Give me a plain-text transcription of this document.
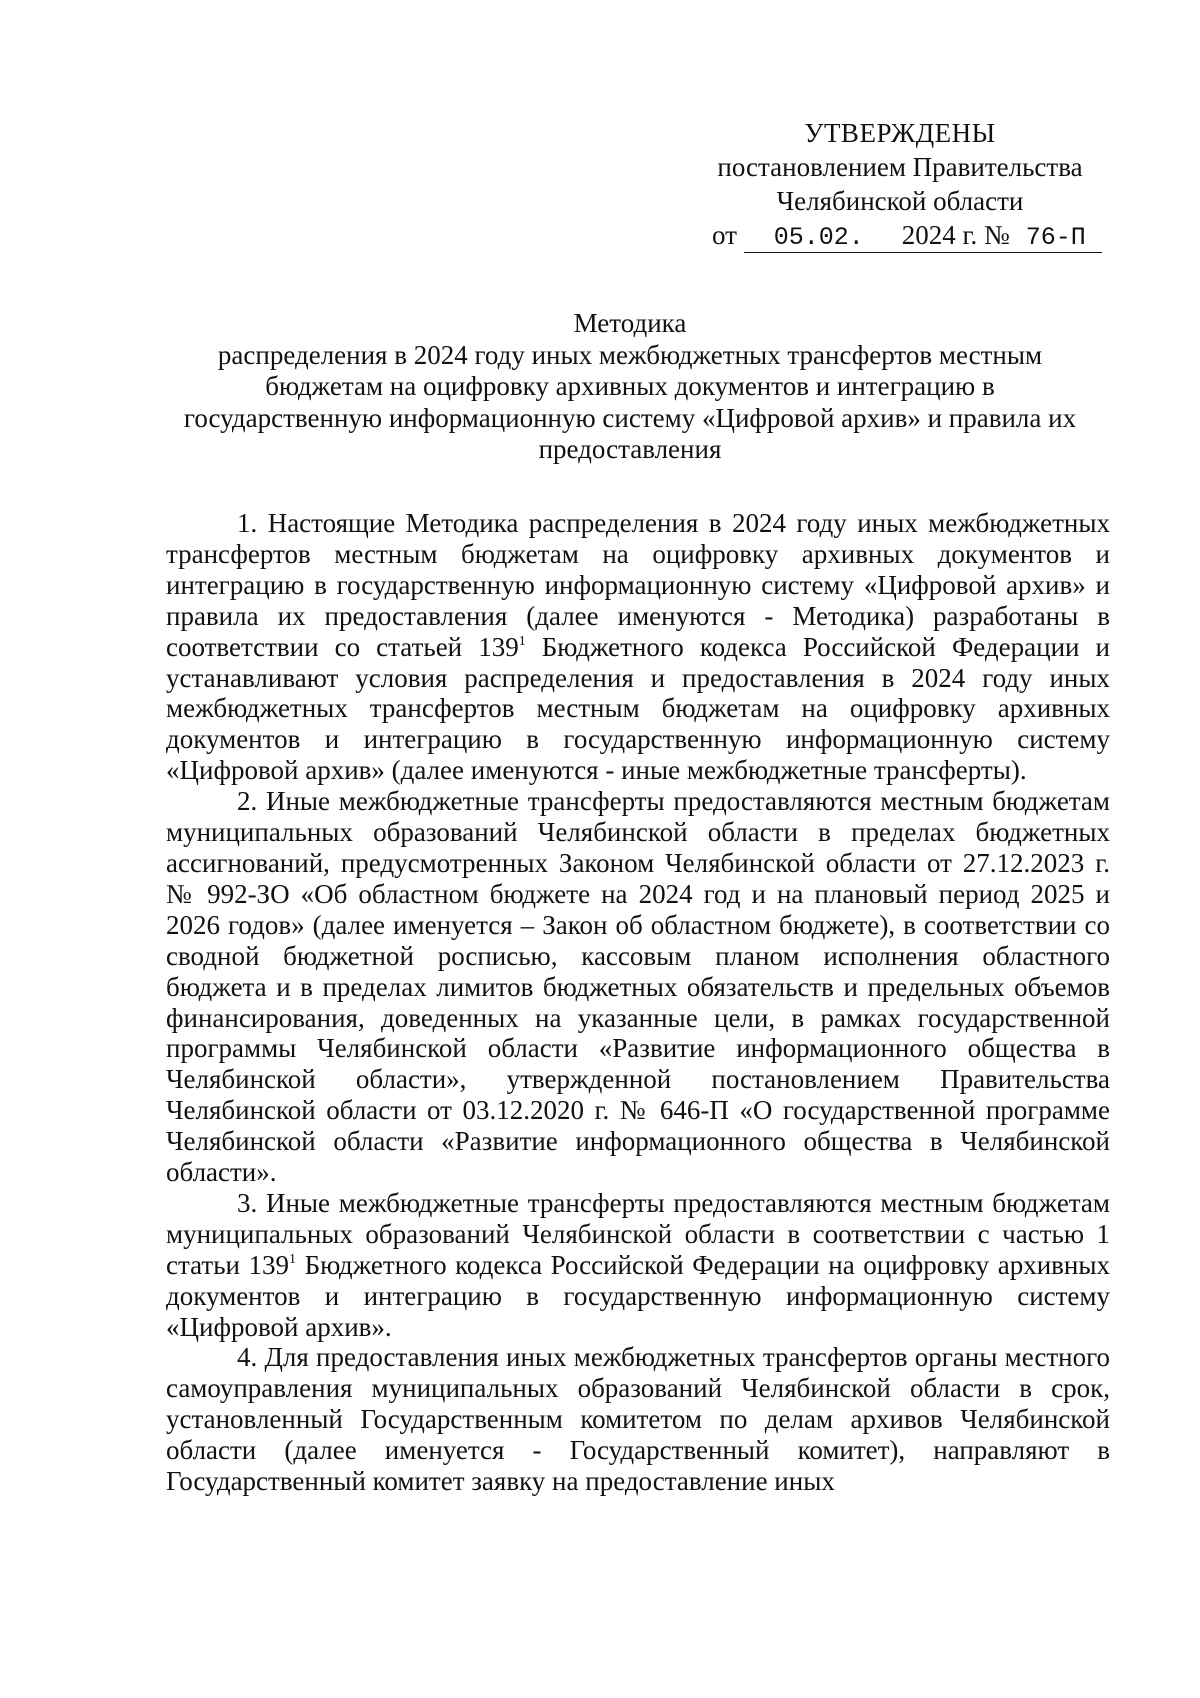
УТВЕРЖДЕНЫ
постановлением Правительства
Челябинской области
от 05.02. 2024 г. № 76-П
Методика
распределения в 2024 году иных межбюджетных трансфертов местным
бюджетам на оцифровку архивных документов и интеграцию в
государственную информационную систему «Цифровой архив» и правила их
предоставления

1. Настоящие Методика распределения в 2024 году иных межбюджетных трансфертов местным бюджетам на оцифровку архивных документов и интеграцию в государственную информационную систему «Цифровой архив» и правила их предоставления (далее именуются - Методика) разработаны в соответствии со статьей $139^1$ Бюджетного кодекса Российской Федерации и устанавливают условия распределения и предоставления в 2024 году иных межбюджетных трансфертов местным бюджетам на оцифровку архивных документов и интеграцию в государственную информационную систему «Цифровой архив» (далее именуются - иные межбюджетные трансферты).

2. Иные межбюджетные трансферты предоставляются местным бюджетам муниципальных образований Челябинской области в пределах бюджетных ассигнований, предусмотренных Законом Челябинской области от 27.12.2023 г. № 992-ЗО «Об областном бюджете на 2024 год и на плановый период 2025 и 2026 годов» (далее именуется – Закон об областном бюджете), в соответствии со сводной бюджетной росписью, кассовым планом исполнения областного бюджета и в пределах лимитов бюджетных обязательств и предельных объемов финансирования, доведенных на указанные цели, в рамках государственной программы Челябинской области «Развитие информационного общества в Челябинской области», утвержденной постановлением Правительства Челябинской области от 03.12.2020 г. № 646-П «О государственной программе Челябинской области «Развитие информационного общества в Челябинской области».

3. Иные межбюджетные трансферты предоставляются местным бюджетам муниципальных образований Челябинской области в соответствии с частью 1 статьи $139^1$ Бюджетного кодекса Российской Федерации на оцифровку архивных документов и интеграцию в государственную информационную систему «Цифровой архив».

4. Для предоставления иных межбюджетных трансфертов органы местного самоуправления муниципальных образований Челябинской области в срок, установленный Государственным комитетом по делам архивов Челябинской области (далее именуется - Государственный комитет), направляют в Государственный комитет заявку на предоставление иных
